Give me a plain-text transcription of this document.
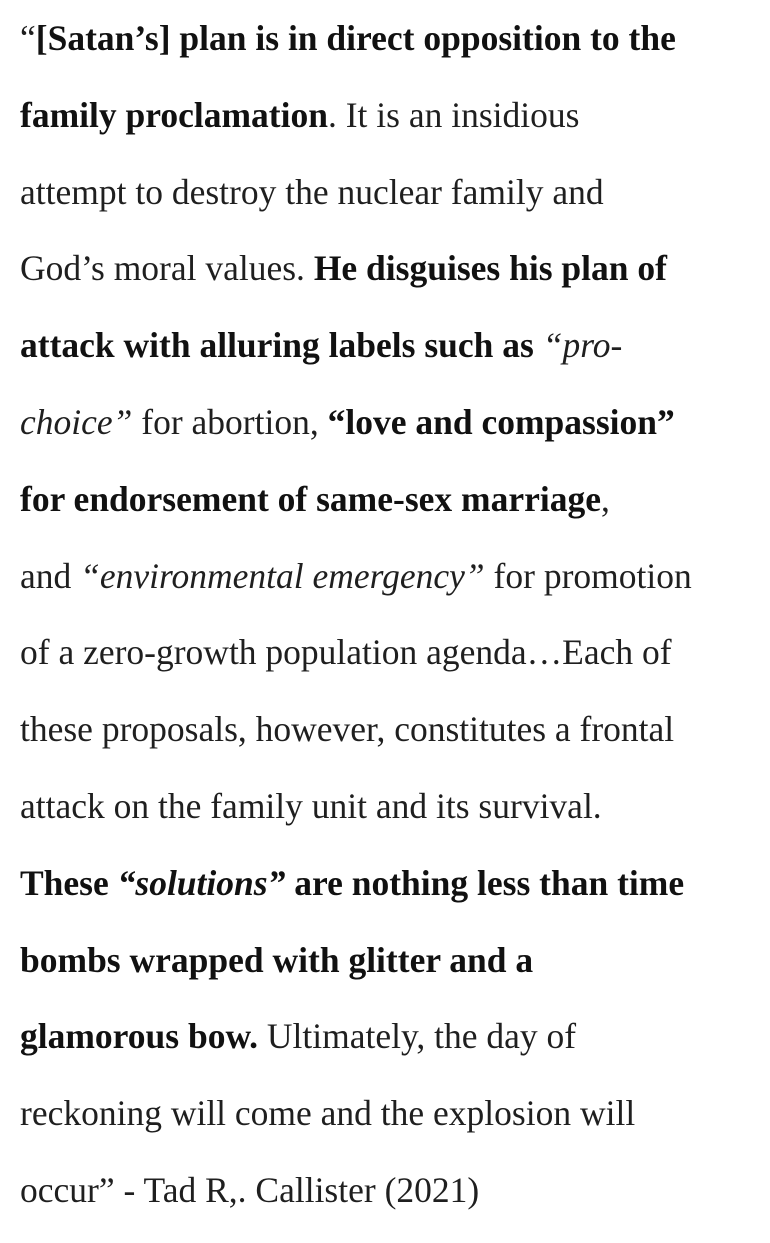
“[Satan’s] plan is in direct opposition to the
family proclamation. It is an insidious
attempt to destroy the nuclear family and
God’s moral values. He disguises his plan of
attack with alluring labels such as “pro-
choice” for abortion, “love and compassion”
for endorsement of same-sex marriage,
and “environmental emergency” for promotion
of a zero-growth population agenda…Each of
these proposals, however, constitutes a frontal
attack on the family unit and its survival.
These “solutions” are nothing less than time
bombs wrapped with glitter and a
glamorous bow. Ultimately, the day of
reckoning will come and the explosion will
occur” - Tad R,. Callister (2021)
